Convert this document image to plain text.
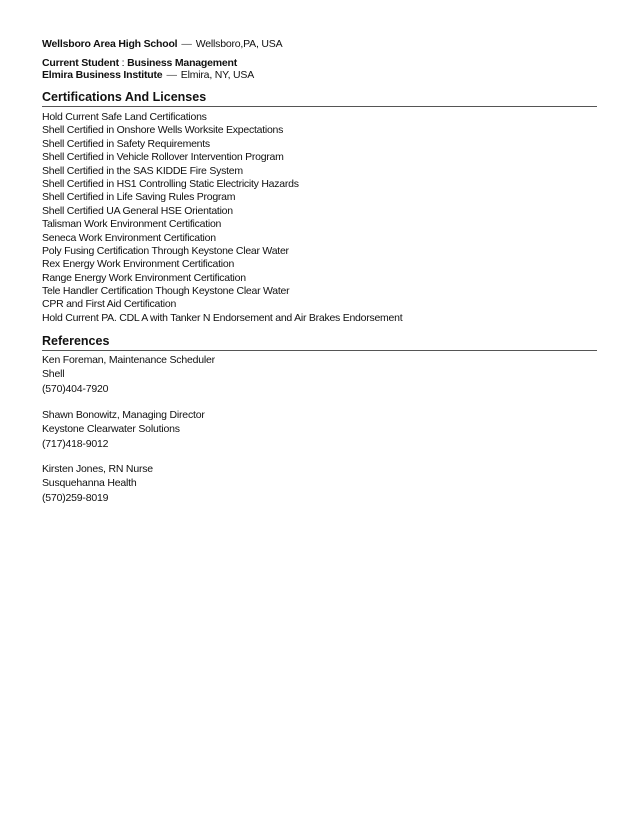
Wellsboro Area High School — Wellsboro,PA, USA
Current Student : Business Management
Elmira Business Institute — Elmira, NY, USA
Certifications And Licenses
Hold Current Safe Land Certifications
Shell Certified in Onshore Wells Worksite Expectations
Shell Certified in Safety Requirements
Shell Certified in Vehicle Rollover Intervention Program
Shell Certified in the SAS KIDDE Fire System
Shell Certified in HS1 Controlling Static Electricity Hazards
Shell Certified in Life Saving Rules Program
Shell Certified UA General HSE Orientation
Talisman Work Environment Certification
Seneca Work Environment Certification
Poly Fusing Certification Through Keystone Clear Water
Rex Energy Work Environment Certification
Range Energy Work Environment Certification
Tele Handler Certification Though Keystone Clear Water
CPR and First Aid Certification
Hold Current PA. CDL A with Tanker N Endorsement and Air Brakes Endorsement
References
Ken Foreman, Maintenance Scheduler
Shell
(570)404-7920
Shawn Bonowitz, Managing Director
Keystone Clearwater Solutions
(717)418-9012
Kirsten Jones, RN Nurse
Susquehanna Health
(570)259-8019
